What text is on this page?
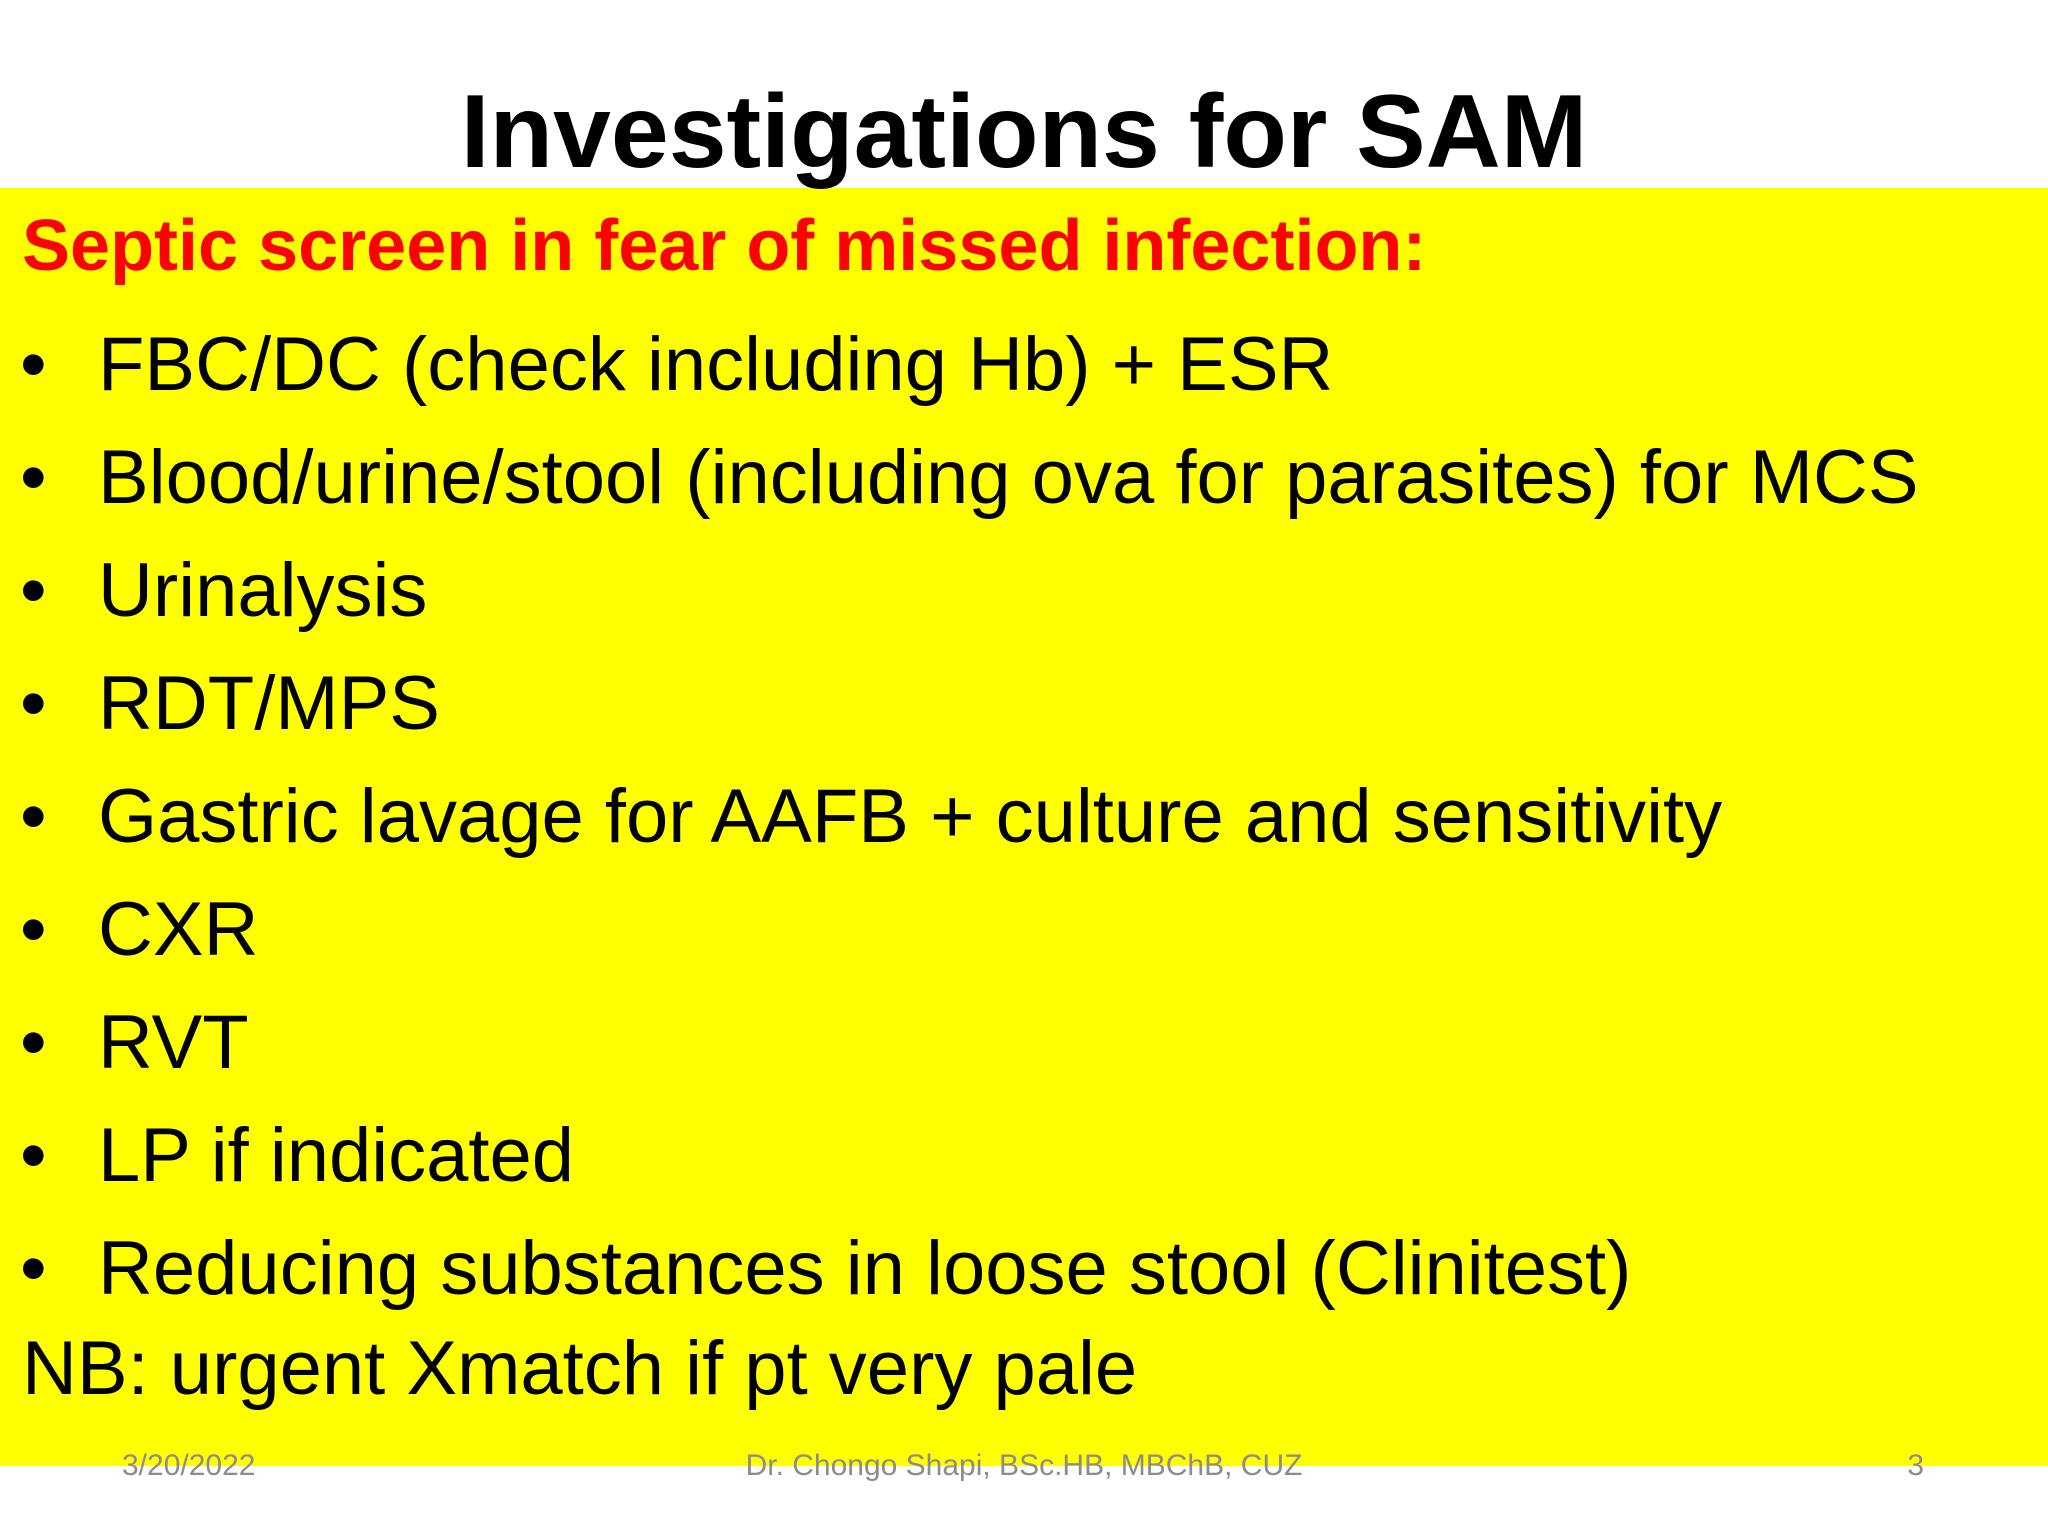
Investigations for SAM
Septic screen in fear of missed infection:
• FBC/DC (check including Hb) + ESR
• Blood/urine/stool (including ova for parasites) for MCS
• Urinalysis
• RDT/MPS
• Gastric lavage for AAFB + culture and sensitivity
• CXR
• RVT
• LP if indicated
• Reducing substances in loose stool (Clinitest)
NB: urgent Xmatch if pt very pale
3/20/2022	Dr. Chongo Shapi, BSc.HB, MBChB, CUZ	3
